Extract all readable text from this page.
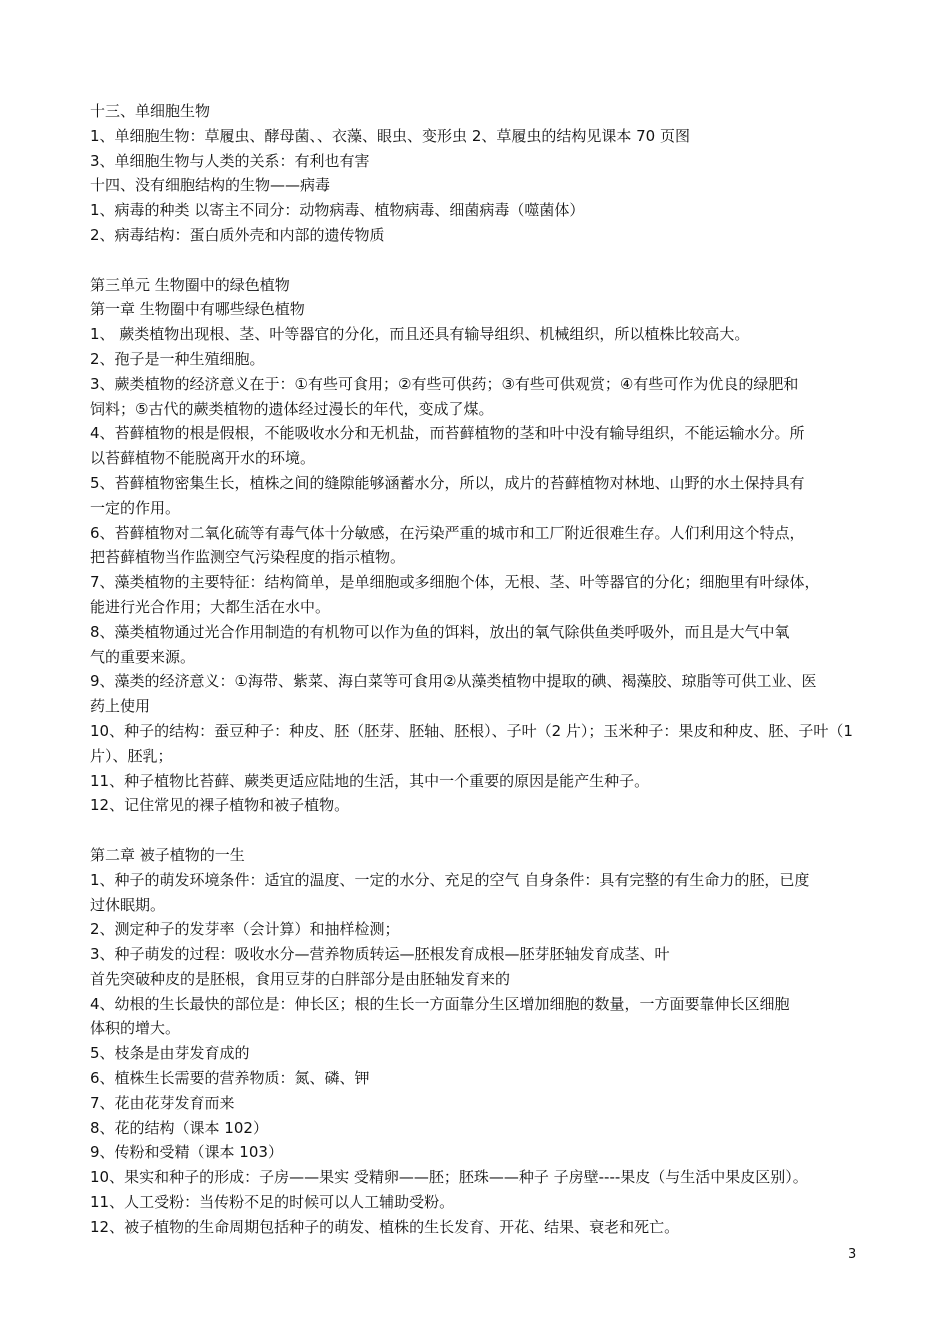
十三、单细胞生物
1、单细胞生物：草履虫、酵母菌、、衣藻、眼虫、变形虫 2、草履虫的结构见课本 70 页图
3、单细胞生物与人类的关系：有利也有害
十四、没有细胞结构的生物——病毒
1、病毒的种类 以寄主不同分：动物病毒、植物病毒、细菌病毒（噬菌体）
2、病毒结构：蛋白质外壳和内部的遗传物质
第三单元 生物圈中的绿色植物
第一章 生物圈中有哪些绿色植物
1、 蕨类植物出现根、茎、叶等器官的分化，而且还具有输导组织、机械组织，所以植株比较高大。
2、孢子是一种生殖细胞。
3、蕨类植物的经济意义在于：①有些可食用；②有些可供药；③有些可供观赏；④有些可作为优良的绿肥和
饲料；⑤古代的蕨类植物的遗体经过漫长的年代，变成了煤。
4、苔藓植物的根是假根，不能吸收水分和无机盐，而苔藓植物的茎和叶中没有输导组织，不能运输水分。所
以苔藓植物不能脱离开水的环境。
5、苔藓植物密集生长，植株之间的缝隙能够涵蓄水分，所以，成片的苔藓植物对林地、山野的水土保持具有
一定的作用。
6、苔藓植物对二氧化硫等有毒气体十分敏感，在污染严重的城市和工厂附近很难生存。人们利用这个特点，
把苔藓植物当作监测空气污染程度的指示植物。
7、藻类植物的主要特征：结构简单，是单细胞或多细胞个体，无根、茎、叶等器官的分化；细胞里有叶绿体，
能进行光合作用；大都生活在水中。
8、藻类植物通过光合作用制造的有机物可以作为鱼的饵料，放出的氧气除供鱼类呼吸外，而且是大气中氧
气的重要来源。
9、藻类的经济意义：①海带、紫菜、海白菜等可食用②从藻类植物中提取的碘、褐藻胶、琼脂等可供工业、医
药上使用
10、种子的结构：蚕豆种子：种皮、胚（胚芽、胚轴、胚根）、子叶（2 片）；玉米种子：果皮和种皮、胚、子叶（1
片）、胚乳；
11、种子植物比苔藓、蕨类更适应陆地的生活，其中一个重要的原因是能产生种子。
12、记住常见的裸子植物和被子植物。
第二章 被子植物的一生
1、种子的萌发环境条件：适宜的温度、一定的水分、充足的空气 自身条件：具有完整的有生命力的胚，已度
过休眠期。
2、测定种子的发芽率（会计算）和抽样检测；
3、种子萌发的过程：吸收水分—营养物质转运—胚根发育成根—胚芽胚轴发育成茎、叶
首先突破种皮的是胚根，食用豆芽的白胖部分是由胚轴发育来的
4、幼根的生长最快的部位是：伸长区；根的生长一方面靠分生区增加细胞的数量，一方面要靠伸长区细胞
体积的增大。
5、枝条是由芽发育成的
6、植株生长需要的营养物质：氮、磷、钾
7、花由花芽发育而来
8、花的结构（课本 102）
9、传粉和受精（课本 103）
10、果实和种子的形成：子房——果实 受精卵——胚；胚珠——种子 子房壁----果皮（与生活中果皮区别）。
11、人工受粉：当传粉不足的时候可以人工辅助受粉。
12、被子植物的生命周期包括种子的萌发、植株的生长发育、开花、结果、衰老和死亡。
3
